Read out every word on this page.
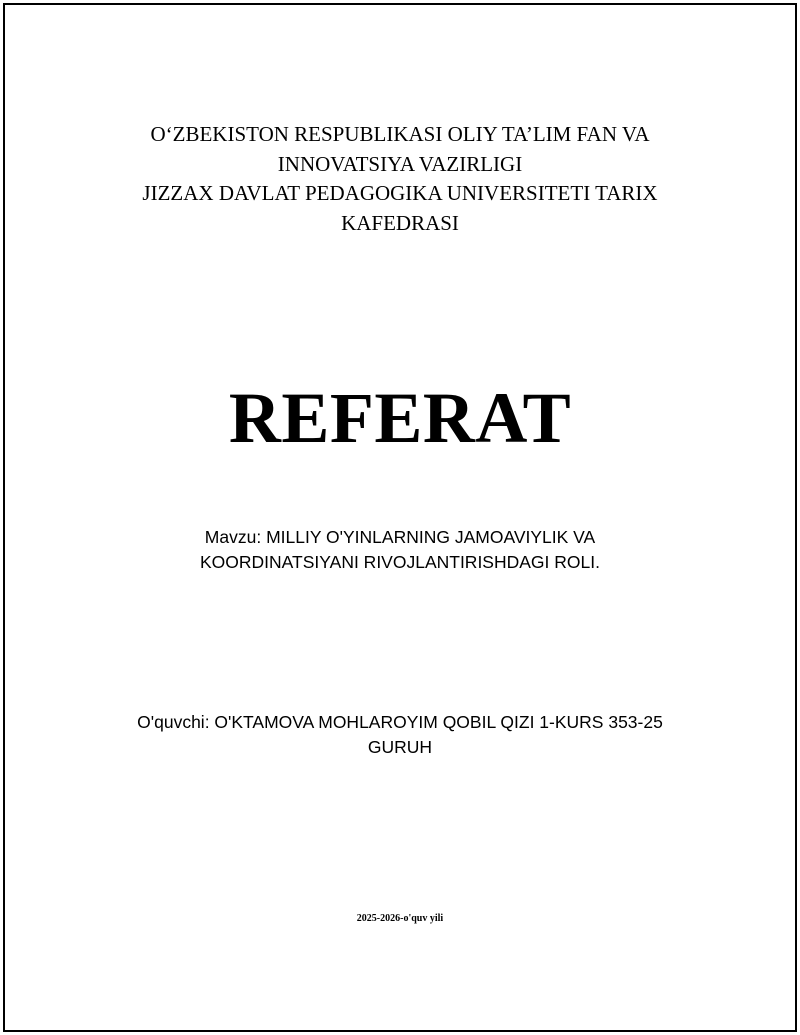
O‘ZBEKISTON RESPUBLIKASI OLIY TA’LIM FAN VA
INNOVATSIYA VAZIRLIGI
JIZZAX DAVLAT PEDAGOGIKA UNIVERSITETI TARIX
KAFEDRASI
REFERAT
Mavzu: MILLIY O'YINLARNING JAMOAVIYLIK VA
KOORDINATSIYANI RIVOJLANTIRISHDAGI ROLI.
O'quvchi: O'KTAMOVA MOHLAROYIM QOBIL QIZI 1-KURS 353-25
GURUH
2025-2026-o'quv yili
